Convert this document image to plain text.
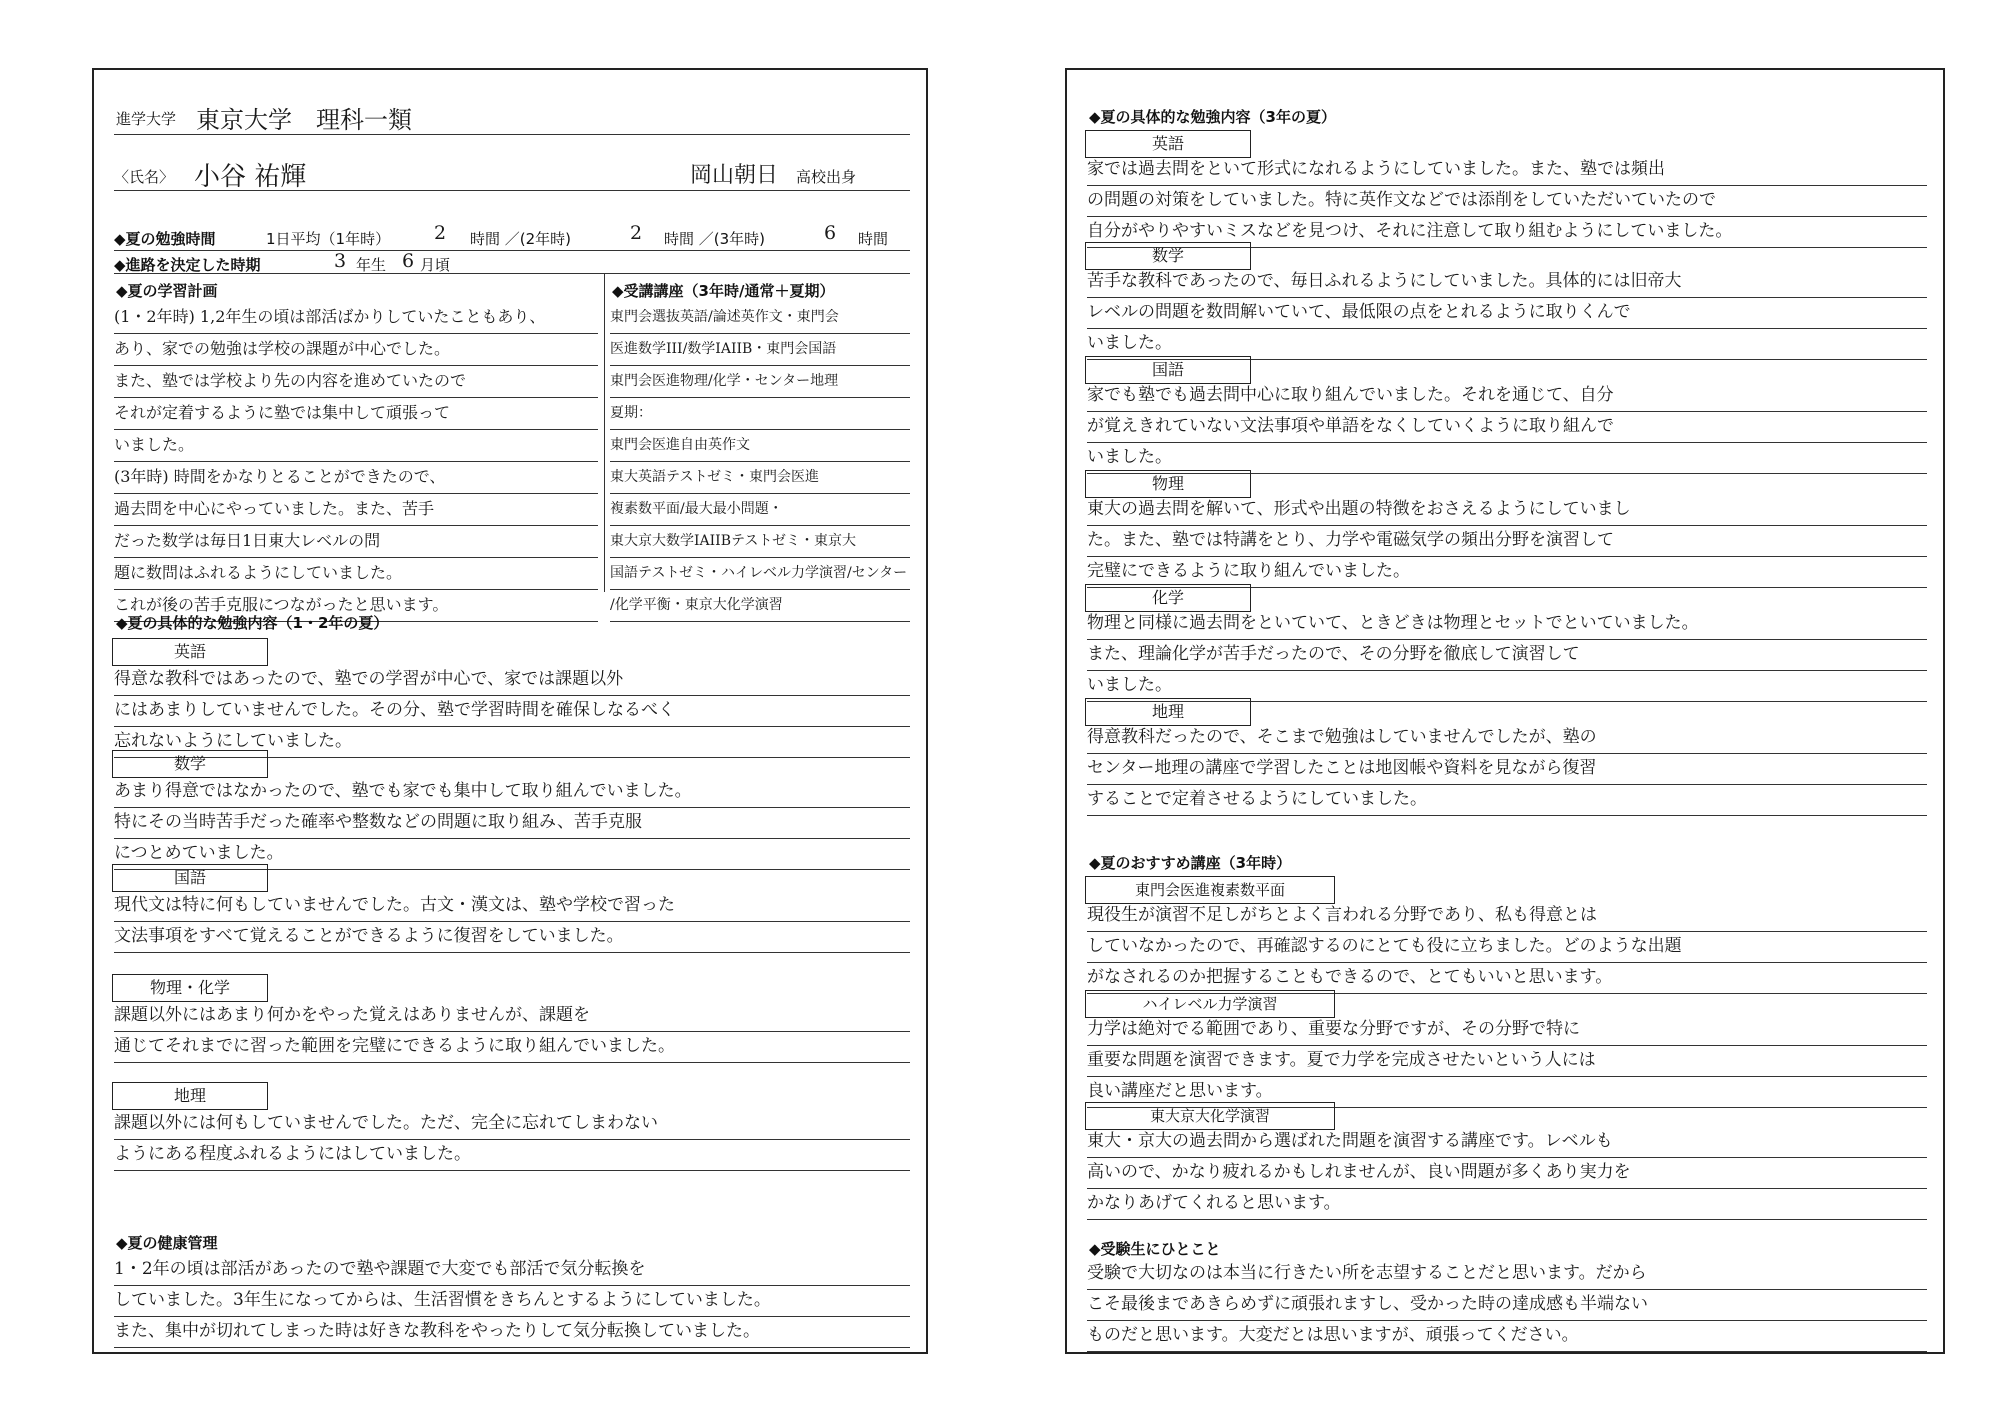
進学大学 東京大学　理科一類
〈氏名〉 小谷 祐輝	岡山朝日 高校出身
◆夏の勉強時間	1日平均（1年時） 2 時間 ／(2年時)	2 時間 ／(3年時)	6 時間
◆進路を決定した時期	3 年生 6 月頃
◆夏の学習計画	◆受講講座（3年時/通常＋夏期）
(1・2年時) 1,2年生の頃は部活ばかりしていたこともあり、
あり、家での勉強は学校の課題が中心でした。
また、塾では学校より先の内容を進めていたので
それが定着するように塾では集中して頑張って
いました。
(3年時) 時間をかなりとることができたので、
過去問を中心にやっていました。また、苦手
だった数学は毎日1日東大レベルの問
題に数問はふれるようにしていました。
これが後の苦手克服につながったと思います。
東門会選抜英語/論述英作文・東門会
医進数学III/数学IAIIB・東門会国語
東門会医進物理/化学・センター地理
夏期：
東門会医進自由英作文
東大英語テストゼミ・東門会医進
複素数平面/最大最小問題・
東大京大数学IAIIBテストゼミ・東京大
国語テストゼミ・ハイレベル力学演習/センター
/化学平衡・東京大化学演習
◆夏の具体的な勉強内容（1・2年の夏）
英語
得意な教科ではあったので、塾での学習が中心で、家では課題以外
にはあまりしていませんでした。その分、塾で学習時間を確保しなるべく
忘れないようにしていました。
数学
あまり得意ではなかったので、塾でも家でも集中して取り組んでいました。
特にその当時苦手だった確率や整数などの問題に取り組み、苦手克服
につとめていました。
国語
現代文は特に何もしていませんでした。古文・漢文は、塾や学校で習った
文法事項をすべて覚えることができるように復習をしていました。
物理・化学
課題以外にはあまり何かをやった覚えはありませんが、課題を
通じてそれまでに習った範囲を完璧にできるように取り組んでいました。
地理
課題以外には何もしていませんでした。ただ、完全に忘れてしまわない
ようにある程度ふれるようにはしていました。
◆夏の健康管理
1・2年の頃は部活があったので塾や課題で大変でも部活で気分転換を
していました。3年生になってからは、生活習慣をきちんとするようにしていました。
また、集中が切れてしまった時は好きな教科をやったりして気分転換していました。
◆夏の具体的な勉強内容（3年の夏）
英語
家では過去問をといて形式になれるようにしていました。また、塾では頻出
の問題の対策をしていました。特に英作文などでは添削をしていただいていたので
自分がやりやすいミスなどを見つけ、それに注意して取り組むようにしていました。
数学
苦手な教科であったので、毎日ふれるようにしていました。具体的には旧帝大
レベルの問題を数問解いていて、最低限の点をとれるように取りくんで
いました。
国語
家でも塾でも過去問中心に取り組んでいました。それを通じて、自分
が覚えきれていない文法事項や単語をなくしていくように取り組んで
いました。
物理
東大の過去問を解いて、形式や出題の特徴をおさえるようにしていまし
た。また、塾では特講をとり、力学や電磁気学の頻出分野を演習して
完璧にできるように取り組んでいました。
化学
物理と同様に過去問をといていて、ときどきは物理とセットでといていました。
また、理論化学が苦手だったので、その分野を徹底して演習して
いました。
地理
得意教科だったので、そこまで勉強はしていませんでしたが、塾の
センター地理の講座で学習したことは地図帳や資料を見ながら復習
することで定着させるようにしていました。
◆夏のおすすめ講座（3年時）
東門会医進複素数平面
現役生が演習不足しがちとよく言われる分野であり、私も得意とは
していなかったので、再確認するのにとても役に立ちました。どのような出題
がなされるのか把握することもできるので、とてもいいと思います。
ハイレベル力学演習
力学は絶対でる範囲であり、重要な分野ですが、その分野で特に
重要な問題を演習できます。夏で力学を完成させたいという人には
良い講座だと思います。
東大京大化学演習
東大・京大の過去問から選ばれた問題を演習する講座です。レベルも
高いので、かなり疲れるかもしれませんが、良い問題が多くあり実力を
かなりあげてくれると思います。
◆受験生にひとこと
受験で大切なのは本当に行きたい所を志望することだと思います。だから
こそ最後まであきらめずに頑張れますし、受かった時の達成感も半端ない
ものだと思います。大変だとは思いますが、頑張ってください。
